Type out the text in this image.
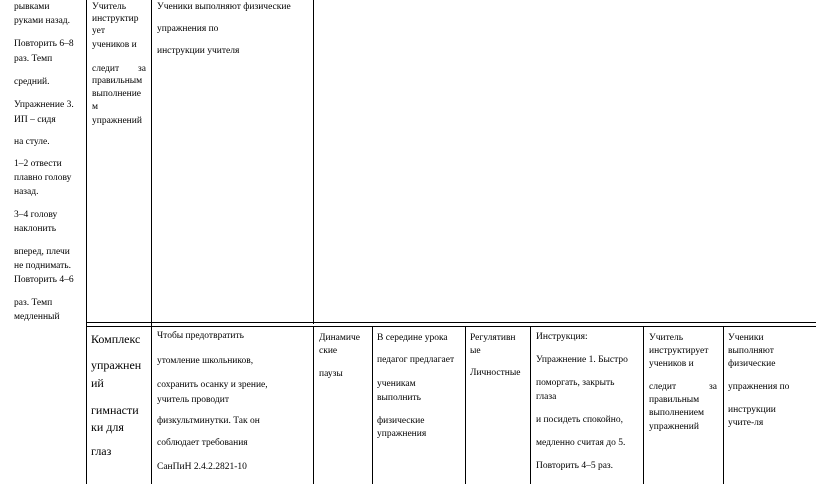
рывками

руками назад.

Повторить 6–8

раз. Темп

средний.

Упражнение 3.

ИП – сидя

на стуле.

1–2 отвести

плавно голову

назад.

3–4 голову

наклонить

вперед, плечи

не поднимать.

Повторить 4–6

раз. Темп

медленный

Учитель

инструктир

ует

учеников и

следит за

правильным

выполнение

м

упражнений

Ученики выполняют физические

упражнения по

инструкции учителя

Комплекс

упражнен

ий

гимнасти

ки для

глаз

Чтобы предотвратить

утомление школьников,

сохранить осанку и зрение,

учитель проводит

физкультминутки. Так он

соблюдает требования

СанПиН 2.4.2.2821-10

Динамиче

ские

паузы

В середине урока

педагог предлагает

ученикам

выполнить

физические

упражнения

Регулятивн

ые

Личностные

Инструкция:

Упражнение 1. Быстро

поморгать, закрыть

глаза

и посидеть спокойно,

медленно считая до 5.

Повторить 4–5 раз.

Учитель

инструктирует

учеников и

следит за

правильным

выполнением

упражнений

Ученики

выполняют

физические

упражнения по

инструкции

учите-ля
